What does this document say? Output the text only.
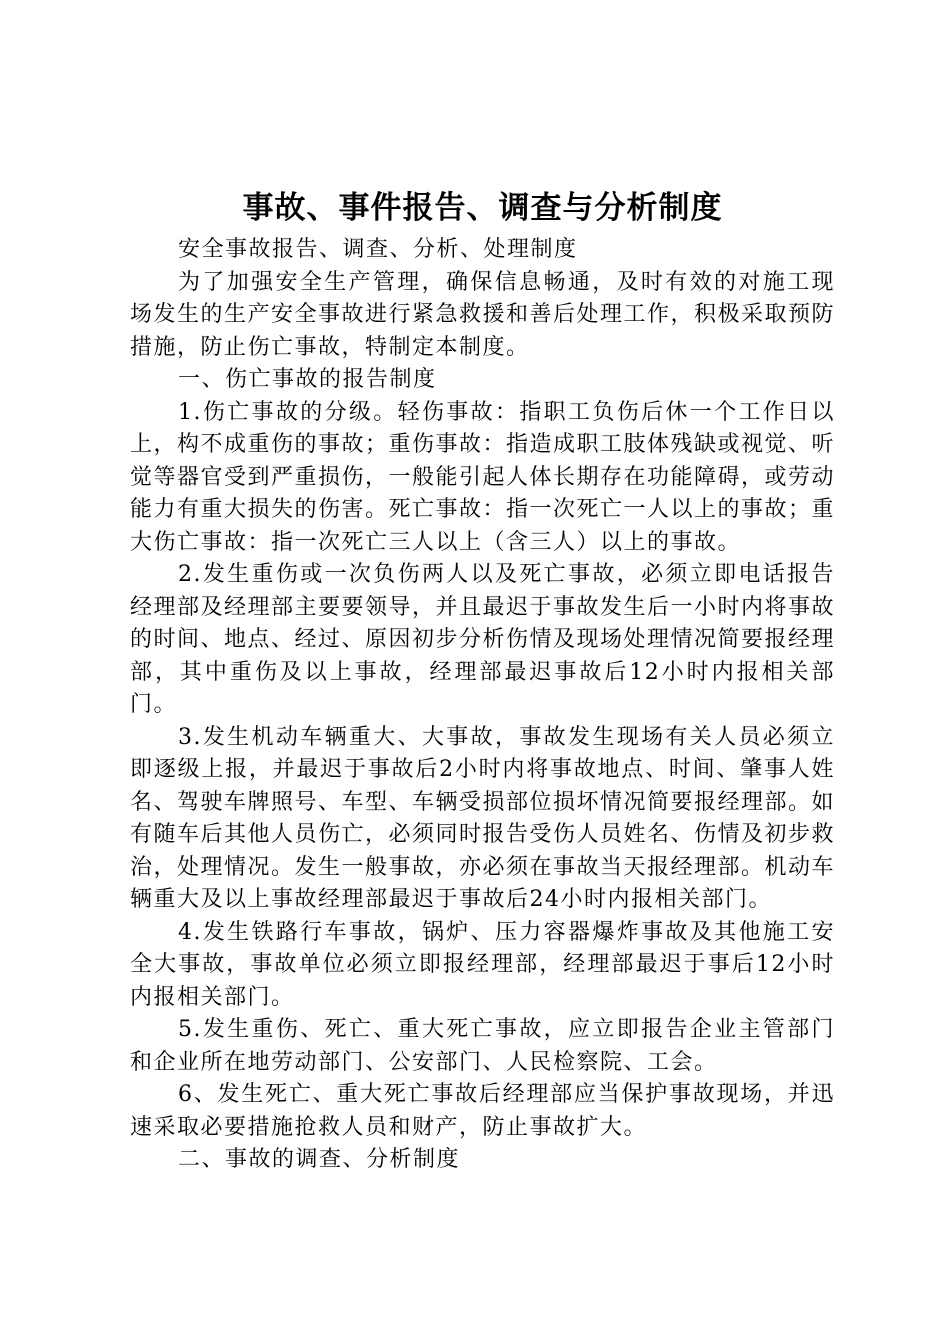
事故、事件报告、调查与分析制度

安全事故报告、调查、分析、处理制度

为了加强安全生产管理，确保信息畅通，及时有效的对施工现场发生的生产安全事故进行紧急救援和善后处理工作，积极采取预防措施，防止伤亡事故，特制定本制度。

一、伤亡事故的报告制度

1.伤亡事故的分级。轻伤事故：指职工负伤后休一个工作日以上，构不成重伤的事故；重伤事故：指造成职工肢体残缺或视觉、听觉等器官受到严重损伤，一般能引起人体长期存在功能障碍，或劳动能力有重大损失的伤害。死亡事故：指一次死亡一人以上的事故；重大伤亡事故：指一次死亡三人以上（含三人）以上的事故。

2.发生重伤或一次负伤两人以及死亡事故，必须立即电话报告经理部及经理部主要要领导，并且最迟于事故发生后一小时内将事故的时间、地点、经过、原因初步分析伤情及现场处理情况简要报经理部，其中重伤及以上事故，经理部最迟事故后12小时内报相关部门。

3.发生机动车辆重大、大事故，事故发生现场有关人员必须立即逐级上报，并最迟于事故后2小时内将事故地点、时间、肇事人姓名、驾驶车牌照号、车型、车辆受损部位损坏情况简要报经理部。如有随车后其他人员伤亡，必须同时报告受伤人员姓名、伤情及初步救治，处理情况。发生一般事故，亦必须在事故当天报经理部。机动车辆重大及以上事故经理部最迟于事故后24小时内报相关部门。

4.发生铁路行车事故，锅炉、压力容器爆炸事故及其他施工安全大事故，事故单位必须立即报经理部，经理部最迟于事后12小时内报相关部门。

5.发生重伤、死亡、重大死亡事故，应立即报告企业主管部门和企业所在地劳动部门、公安部门、人民检察院、工会。

6、发生死亡、重大死亡事故后经理部应当保护事故现场，并迅速采取必要措施抢救人员和财产，防止事故扩大。

二、事故的调查、分析制度
